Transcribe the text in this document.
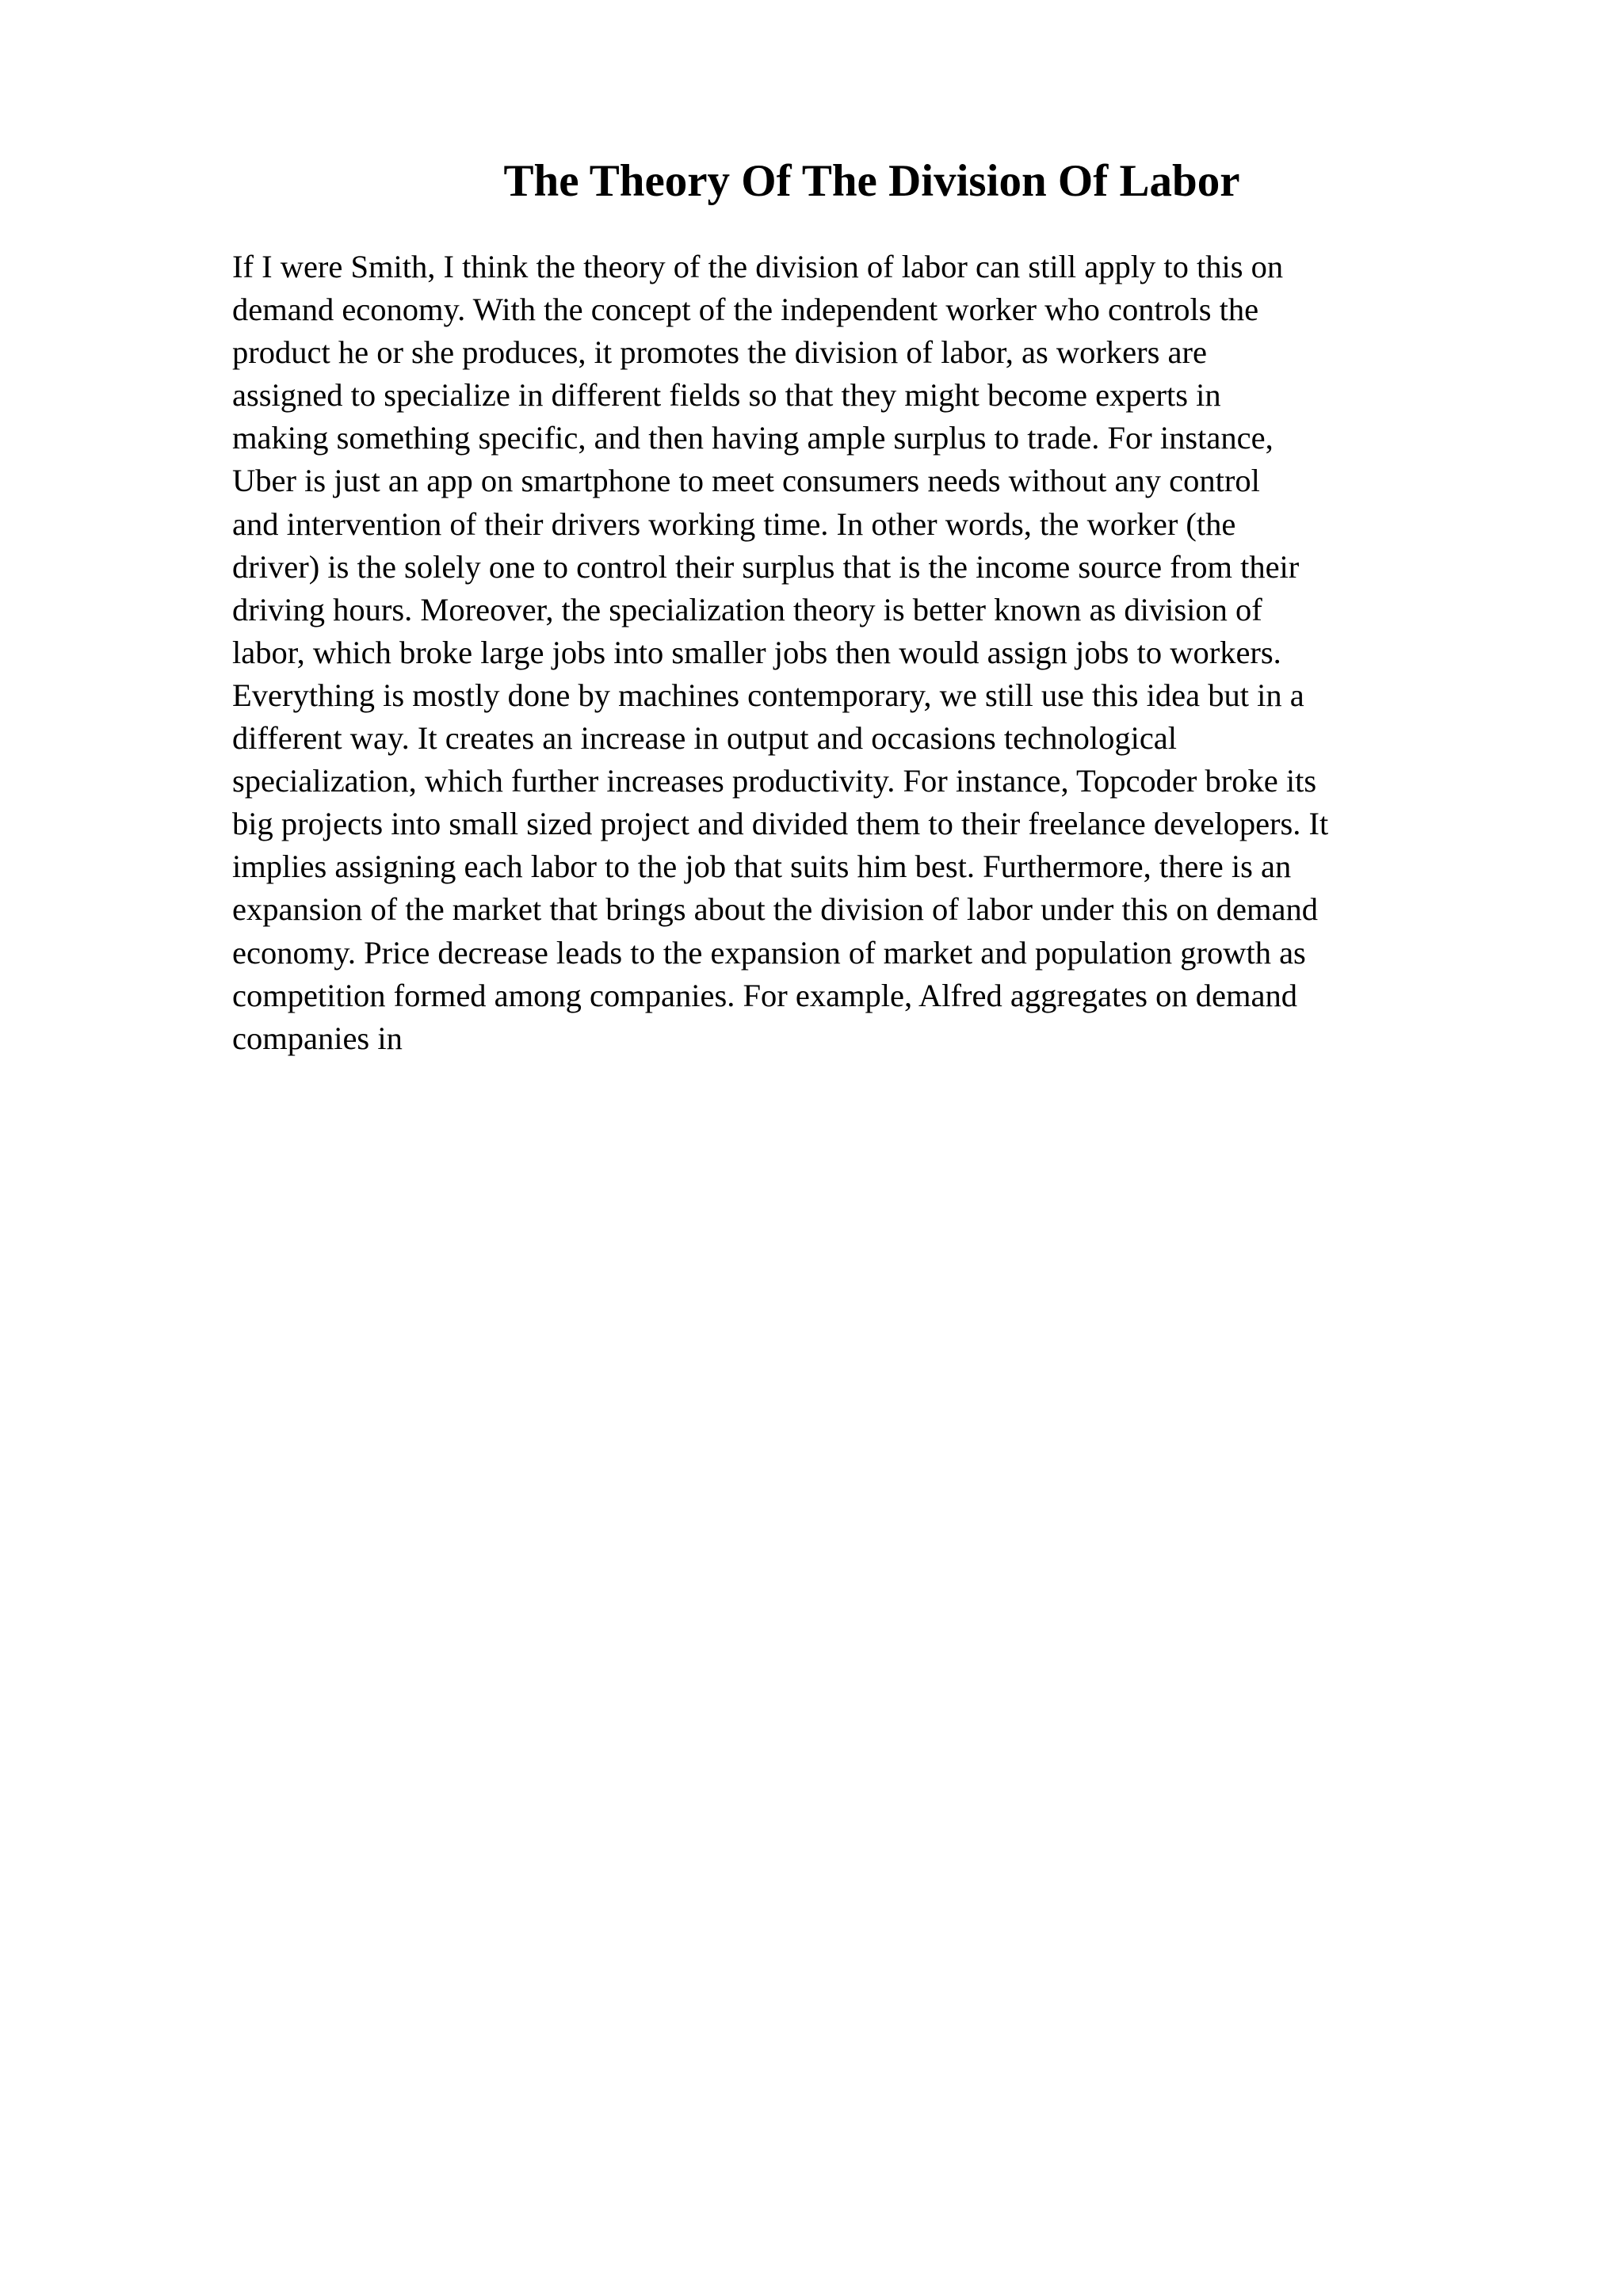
The Theory Of The Division Of Labor
If I were Smith, I think the theory of the division of labor can still apply to this on
demand economy. With the concept of the independent worker who controls the
product he or she produces, it promotes the division of labor, as workers are
assigned to specialize in different fields so that they might become experts in
making something specific, and then having ample surplus to trade. For instance,
Uber is just an app on smartphone to meet consumers needs without any control
and intervention of their drivers working time. In other words, the worker (the
driver) is the solely one to control their surplus that is the income source from their
driving hours. Moreover, the specialization theory is better known as division of
labor, which broke large jobs into smaller jobs then would assign jobs to workers.
Everything is mostly done by machines contemporary, we still use this idea but in a
different way. It creates an increase in output and occasions technological
specialization, which further increases productivity. For instance, Topcoder broke its
big projects into small sized project and divided them to their freelance developers. It
implies assigning each labor to the job that suits him best. Furthermore, there is an
expansion of the market that brings about the division of labor under this on demand
economy. Price decrease leads to the expansion of market and population growth as
competition formed among companies. For example, Alfred aggregates on demand
companies in
